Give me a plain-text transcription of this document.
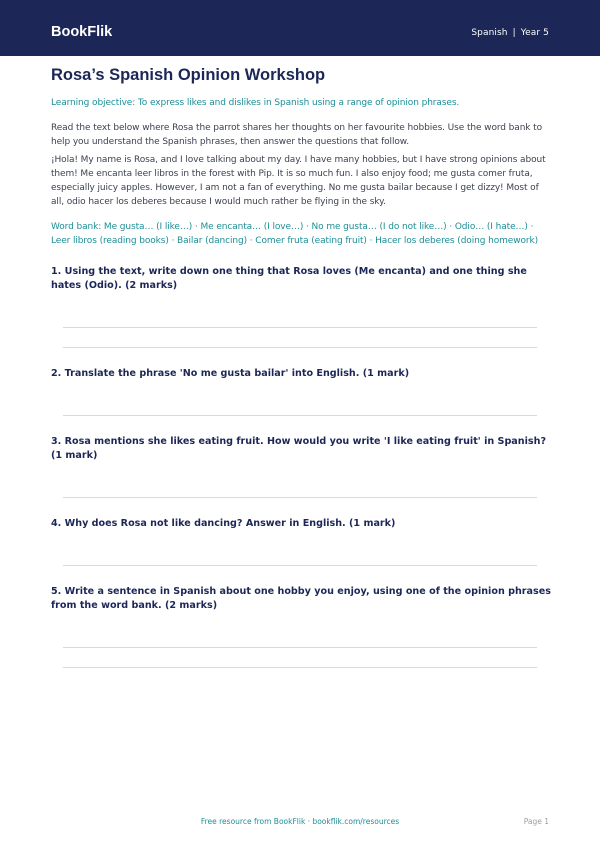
BookFlik	Spanish | Year 5
Rosa’s Spanish Opinion Workshop

Learning objective: To express likes and dislikes in Spanish using a range of opinion phrases.

Read the text below where Rosa the parrot shares her thoughts on her favourite hobbies. Use the word bank to help you understand the Spanish phrases, then answer the questions that follow.

¡Hola! My name is Rosa, and I love talking about my day. I have many hobbies, but I have strong opinions about them! Me encanta leer libros in the forest with Pip. It is so much fun. I also enjoy food; me gusta comer fruta, especially juicy apples. However, I am not a fan of everything. No me gusta bailar because I get dizzy! Most of all, odio hacer los deberes because I would much rather be flying in the sky.

Word bank: Me gusta… (I like…) · Me encanta… (I love…) · No me gusta… (I do not like…) · Odio… (I hate…) · Leer libros (reading books) · Bailar (dancing) · Comer fruta (eating fruit) · Hacer los deberes (doing homework)

1. Using the text, write down one thing that Rosa loves (Me encanta) and one thing she hates (Odio). (2 marks)

2. Translate the phrase 'No me gusta bailar' into English. (1 mark)

3. Rosa mentions she likes eating fruit. How would you write 'I like eating fruit' in Spanish? (1 mark)

4. Why does Rosa not like dancing? Answer in English. (1 mark)

5. Write a sentence in Spanish about one hobby you enjoy, using one of the opinion phrases from the word bank. (2 marks)

Free resource from BookFlik · bookflik.com/resources	Page 1
